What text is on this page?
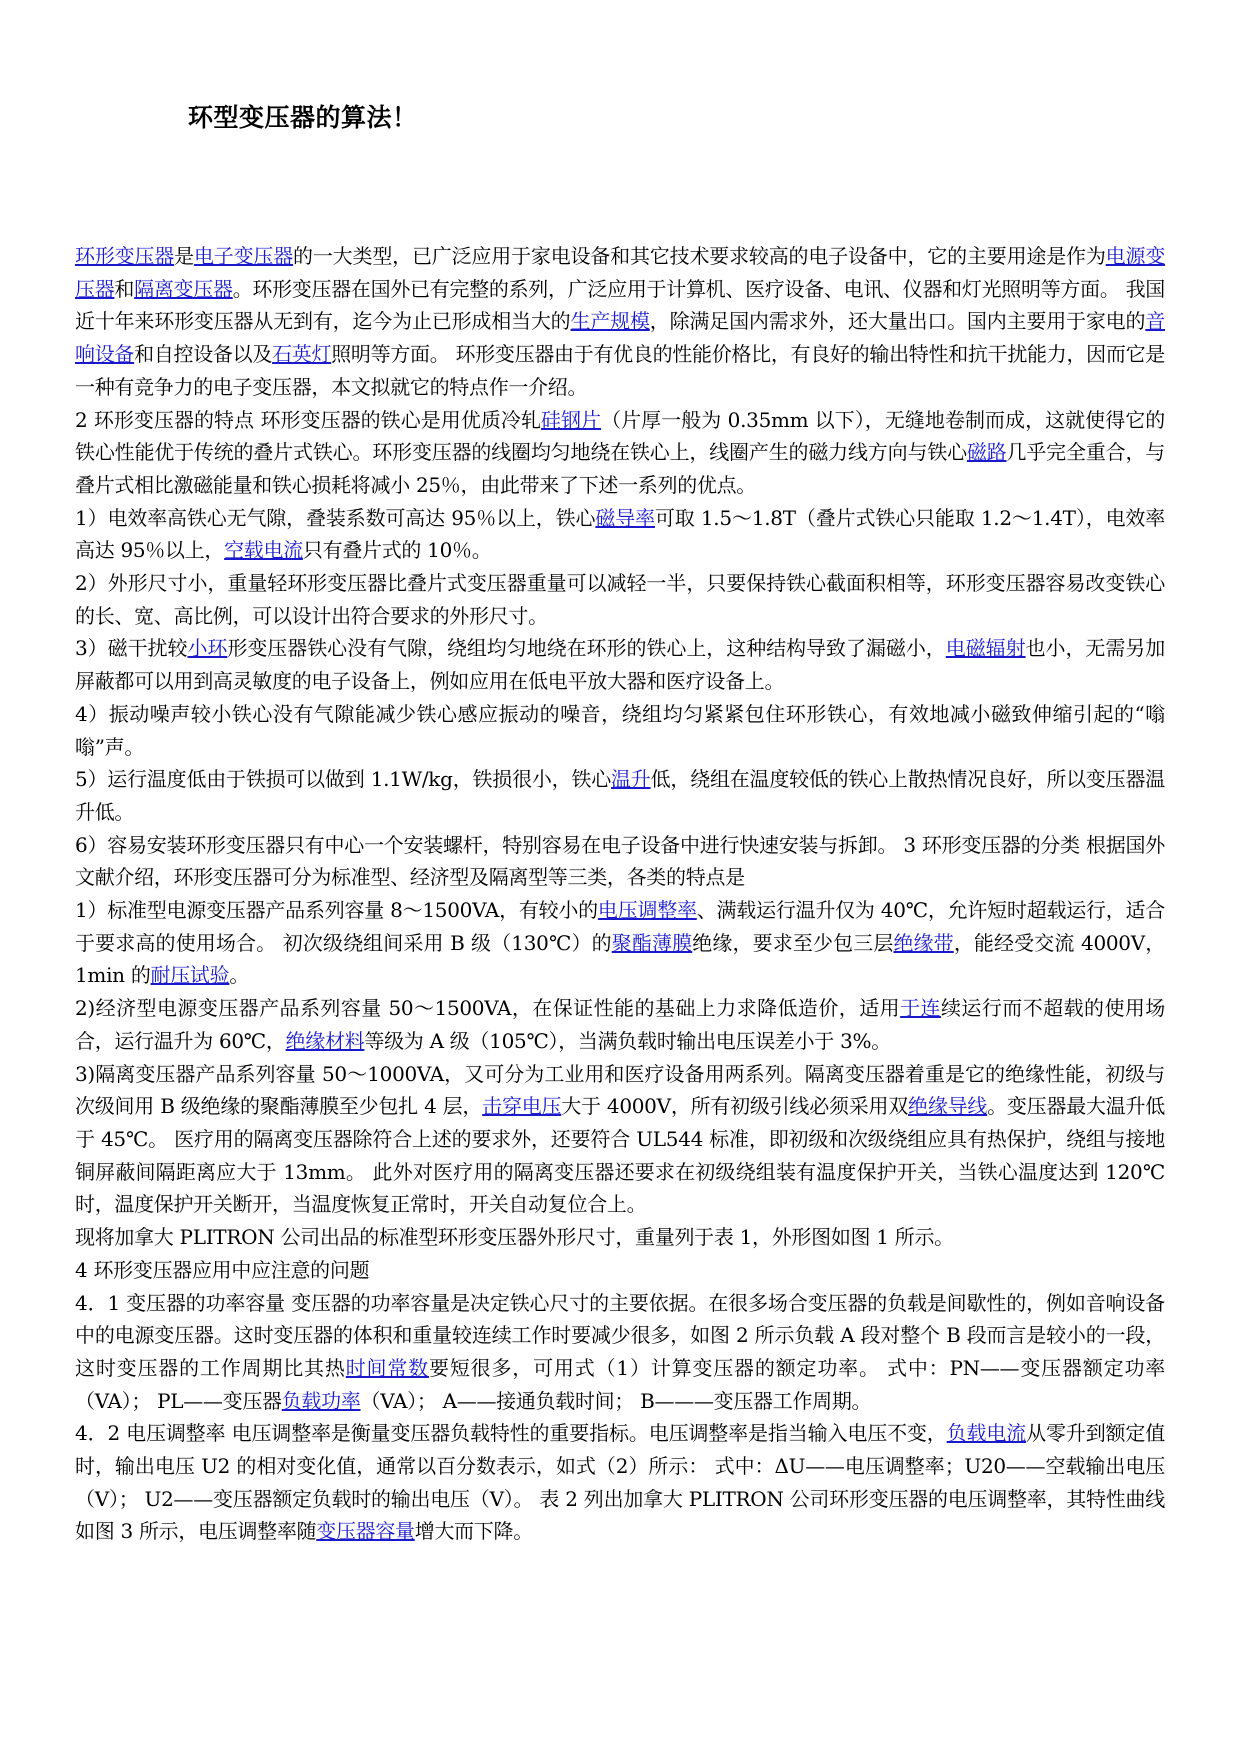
环型变压器的算法！

环形变压器是电子变压器的一大类型，已广泛应用于家电设备和其它技术要求较高的电子设备中，它的主要用途是作为电源变压器和隔离变压器。环形变压器在国外已有完整的系列，广泛应用于计算机、医疗设备、电讯、仪器和灯光照明等方面。 我国近十年来环形变压器从无到有，迄今为止已形成相当大的生产规模，除满足国内需求外，还大量出口。国内主要用于家电的音响设备和自控设备以及石英灯照明等方面。 环形变压器由于有优良的性能价格比，有良好的输出特性和抗干扰能力，因而它是一种有竞争力的电子变压器，本文拟就它的特点作一介绍。

2 环形变压器的特点 环形变压器的铁心是用优质冷轧硅钢片（片厚一般为 0.35mm 以下），无缝地卷制而成，这就使得它的铁心性能优于传统的叠片式铁心。环形变压器的线圈均匀地绕在铁心上，线圈产生的磁力线方向与铁心磁路几乎完全重合，与叠片式相比激磁能量和铁心损耗将减小 25％，由此带来了下述一系列的优点。

1）电效率高铁心无气隙，叠装系数可高达 95％以上，铁心磁导率可取 1.5～1.8T（叠片式铁心只能取 1.2～1.4T），电效率高达 95％以上，空载电流只有叠片式的 10％。

2）外形尺寸小，重量轻环形变压器比叠片式变压器重量可以减轻一半，只要保持铁心截面积相等，环形变压器容易改变铁心的长、宽、高比例，可以设计出符合要求的外形尺寸。

3）磁干扰较小环形变压器铁心没有气隙，绕组均匀地绕在环形的铁心上，这种结构导致了漏磁小，电磁辐射也小，无需另加屏蔽都可以用到高灵敏度的电子设备上，例如应用在低电平放大器和医疗设备上。

4）振动噪声较小铁心没有气隙能减少铁心感应振动的噪音，绕组均匀紧紧包住环形铁心，有效地减小磁致伸缩引起的“嗡嗡”声。

5）运行温度低由于铁损可以做到 1.1W/kg，铁损很小，铁心温升低，绕组在温度较低的铁心上散热情况良好，所以变压器温升低。

6）容易安装环形变压器只有中心一个安装螺杆，特别容易在电子设备中进行快速安装与拆卸。 3 环形变压器的分类 根据国外文献介绍，环形变压器可分为标准型、经济型及隔离型等三类，各类的特点是

1）标准型电源变压器产品系列容量 8～1500VA，有较小的电压调整率、满载运行温升仅为 40℃，允许短时超载运行，适合于要求高的使用场合。 初次级绕组间采用 B 级（130℃）的聚酯薄膜绝缘，要求至少包三层绝缘带，能经受交流 4000V，1min 的耐压试验。

2)经济型电源变压器产品系列容量 50～1500VA，在保证性能的基础上力求降低造价，适用于连续运行而不超载的使用场合，运行温升为 60℃，绝缘材料等级为 A 级（105℃），当满负载时输出电压误差小于 3%。

3)隔离变压器产品系列容量 50～1000VA，又可分为工业用和医疗设备用两系列。隔离变压器着重是它的绝缘性能，初级与次级间用 B 级绝缘的聚酯薄膜至少包扎 4 层，击穿电压大于 4000V，所有初级引线必须采用双绝缘导线。变压器最大温升低于 45℃。 医疗用的隔离变压器除符合上述的要求外，还要符合 UL544 标准，即初级和次级绕组应具有热保护，绕组与接地铜屏蔽间隔距离应大于 13mm。 此外对医疗用的隔离变压器还要求在初级绕组装有温度保护开关，当铁心温度达到 120℃时，温度保护开关断开，当温度恢复正常时，开关自动复位合上。

现将加拿大 PLITRON 公司出品的标准型环形变压器外形尺寸，重量列于表 1，外形图如图 1 所示。

4 环形变压器应用中应注意的问题

4．1 变压器的功率容量 变压器的功率容量是决定铁心尺寸的主要依据。在很多场合变压器的负载是间歇性的，例如音响设备中的电源变压器。这时变压器的体积和重量较连续工作时要减少很多，如图 2 所示负载 A 段对整个 B 段而言是较小的一段，这时变压器的工作周期比其热时间常数要短很多，可用式（1）计算变压器的额定功率。 式中：PN——变压器额定功率（VA）； PL——变压器负载功率（VA）； A——接通负载时间； B———变压器工作周期。

4．2 电压调整率 电压调整率是衡量变压器负载特性的重要指标。电压调整率是指当输入电压不变，负载电流从零升到额定值时，输出电压 U2 的相对变化值，通常以百分数表示，如式（2）所示： 式中：ΔU——电压调整率；U20——空载输出电压（V）； U2——变压器额定负载时的输出电压（V）。 表 2 列出加拿大 PLITRON 公司环形变压器的电压调整率，其特性曲线如图 3 所示，电压调整率随变压器容量增大而下降。
